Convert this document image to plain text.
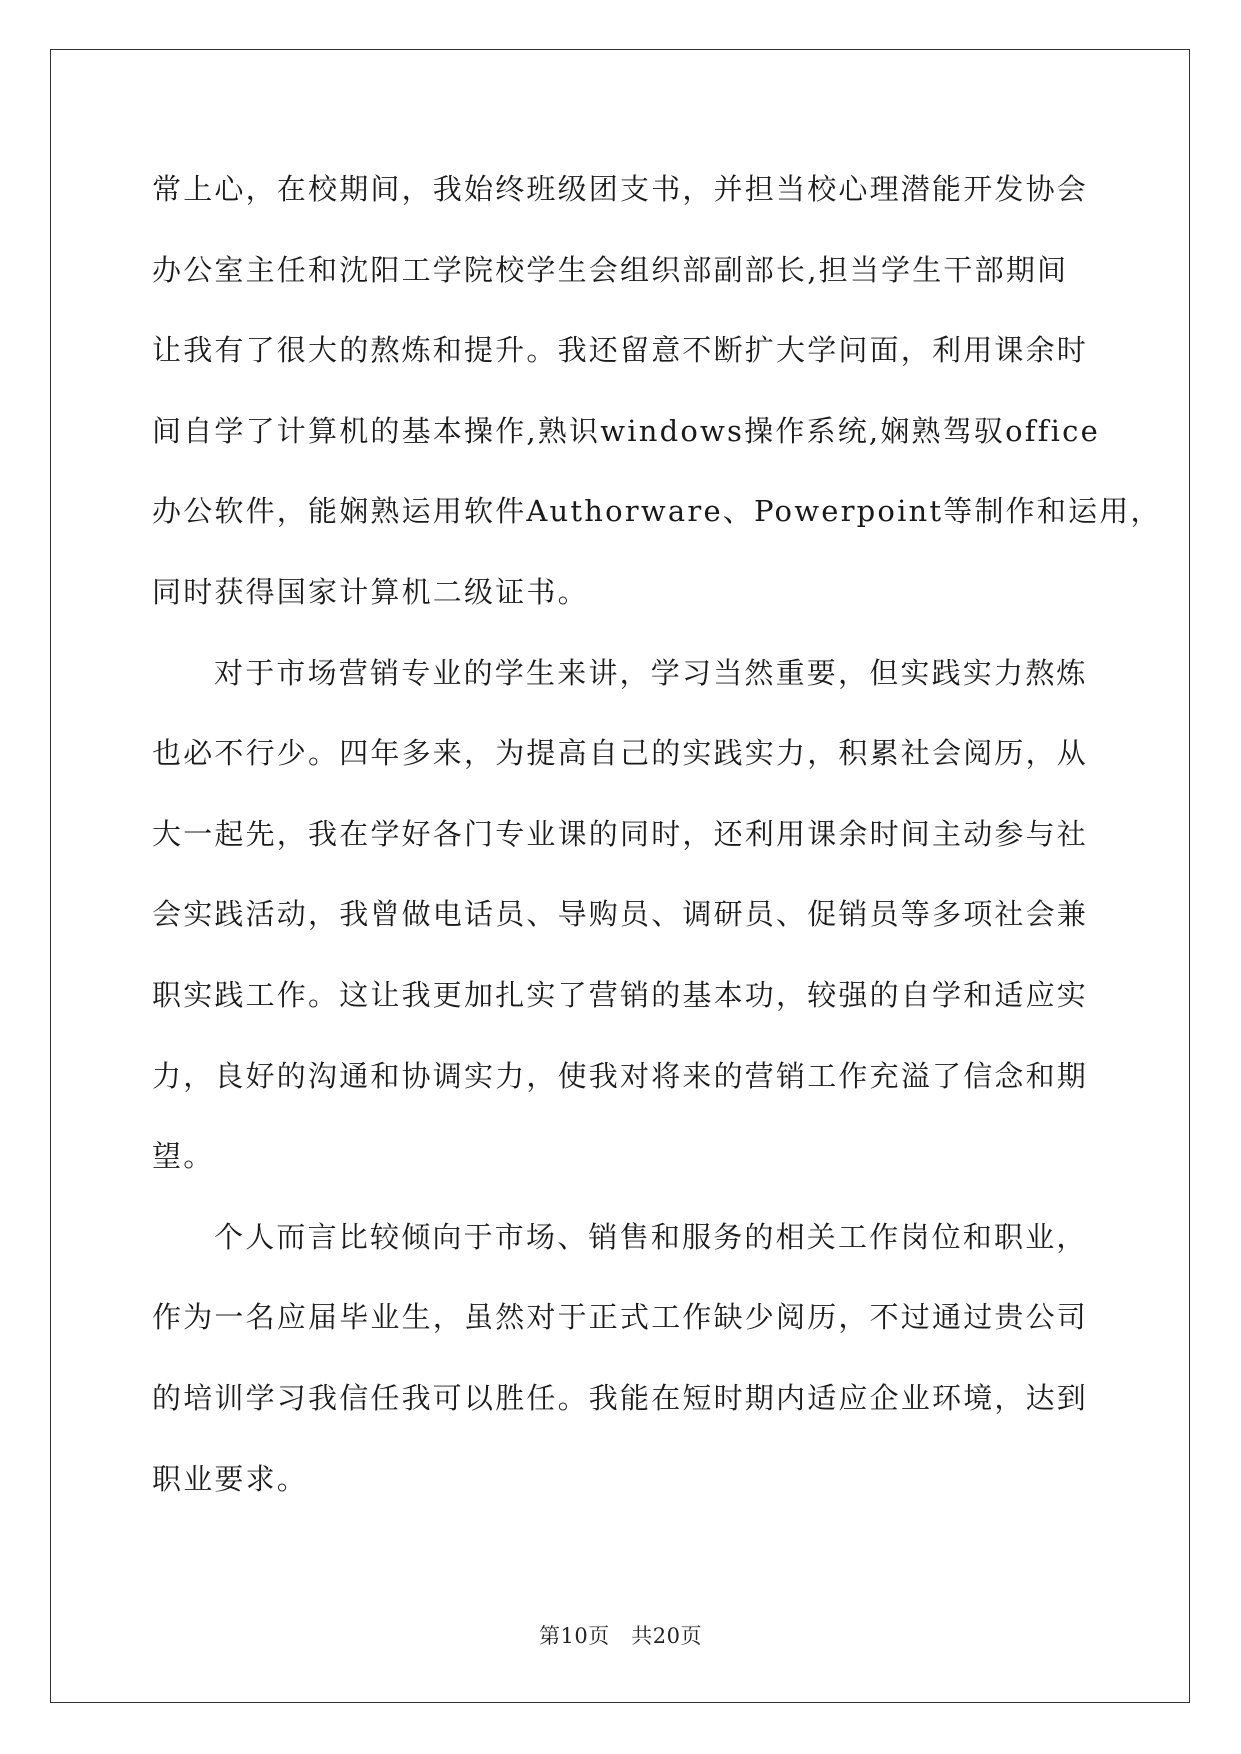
常上心，在校期间，我始终班级团支书，并担当校心理潜能开发协会
办公室主任和沈阳工学院校学生会组织部副部长,担当学生干部期间
让我有了很大的熬炼和提升。我还留意不断扩大学问面，利用课余时
间自学了计算机的基本操作,熟识windows操作系统,娴熟驾驭office
办公软件，能娴熟运用软件Authorware、Powerpoint等制作和运用，
同时获得国家计算机二级证书。
对于市场营销专业的学生来讲，学习当然重要，但实践实力熬炼
也必不行少。四年多来，为提高自己的实践实力，积累社会阅历，从
大一起先，我在学好各门专业课的同时，还利用课余时间主动参与社
会实践活动，我曾做电话员、导购员、调研员、促销员等多项社会兼
职实践工作。这让我更加扎实了营销的基本功，较强的自学和适应实
力，良好的沟通和协调实力，使我对将来的营销工作充溢了信念和期
望。
个人而言比较倾向于市场、销售和服务的相关工作岗位和职业，
作为一名应届毕业生，虽然对于正式工作缺少阅历，不过通过贵公司
的培训学习我信任我可以胜任。我能在短时期内适应企业环境，达到
职业要求。
第10页　共20页
